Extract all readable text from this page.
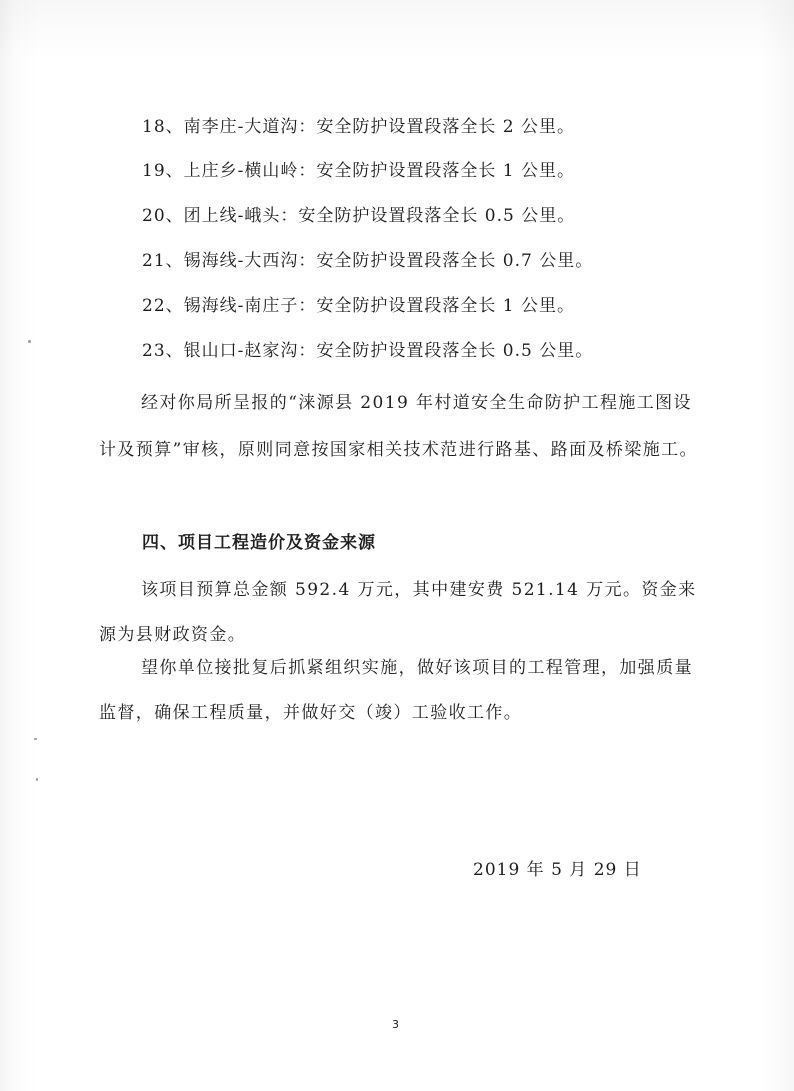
18、南李庄-大道沟：安全防护设置段落全长 2 公里。
19、上庄乡-横山岭：安全防护设置段落全长 1 公里。
20、团上线-峨头：安全防护设置段落全长 0.5 公里。
21、锡海线-大西沟：安全防护设置段落全长 0.7 公里。
22、锡海线-南庄子：安全防护设置段落全长 1 公里。
23、银山口-赵家沟：安全防护设置段落全长 0.5 公里。
经对你局所呈报的“涞源县 2019 年村道安全生命防护工程施工图设计及预算”审核，原则同意按国家相关技术范进行路基、路面及桥梁施工。
四、项目工程造价及资金来源
该项目预算总金额 592.4 万元，其中建安费 521.14 万元。资金来源为县财政资金。
望你单位接批复后抓紧组织实施，做好该项目的工程管理，加强质量监督，确保工程质量，并做好交（竣）工验收工作。
2019 年 5 月 29 日
3
